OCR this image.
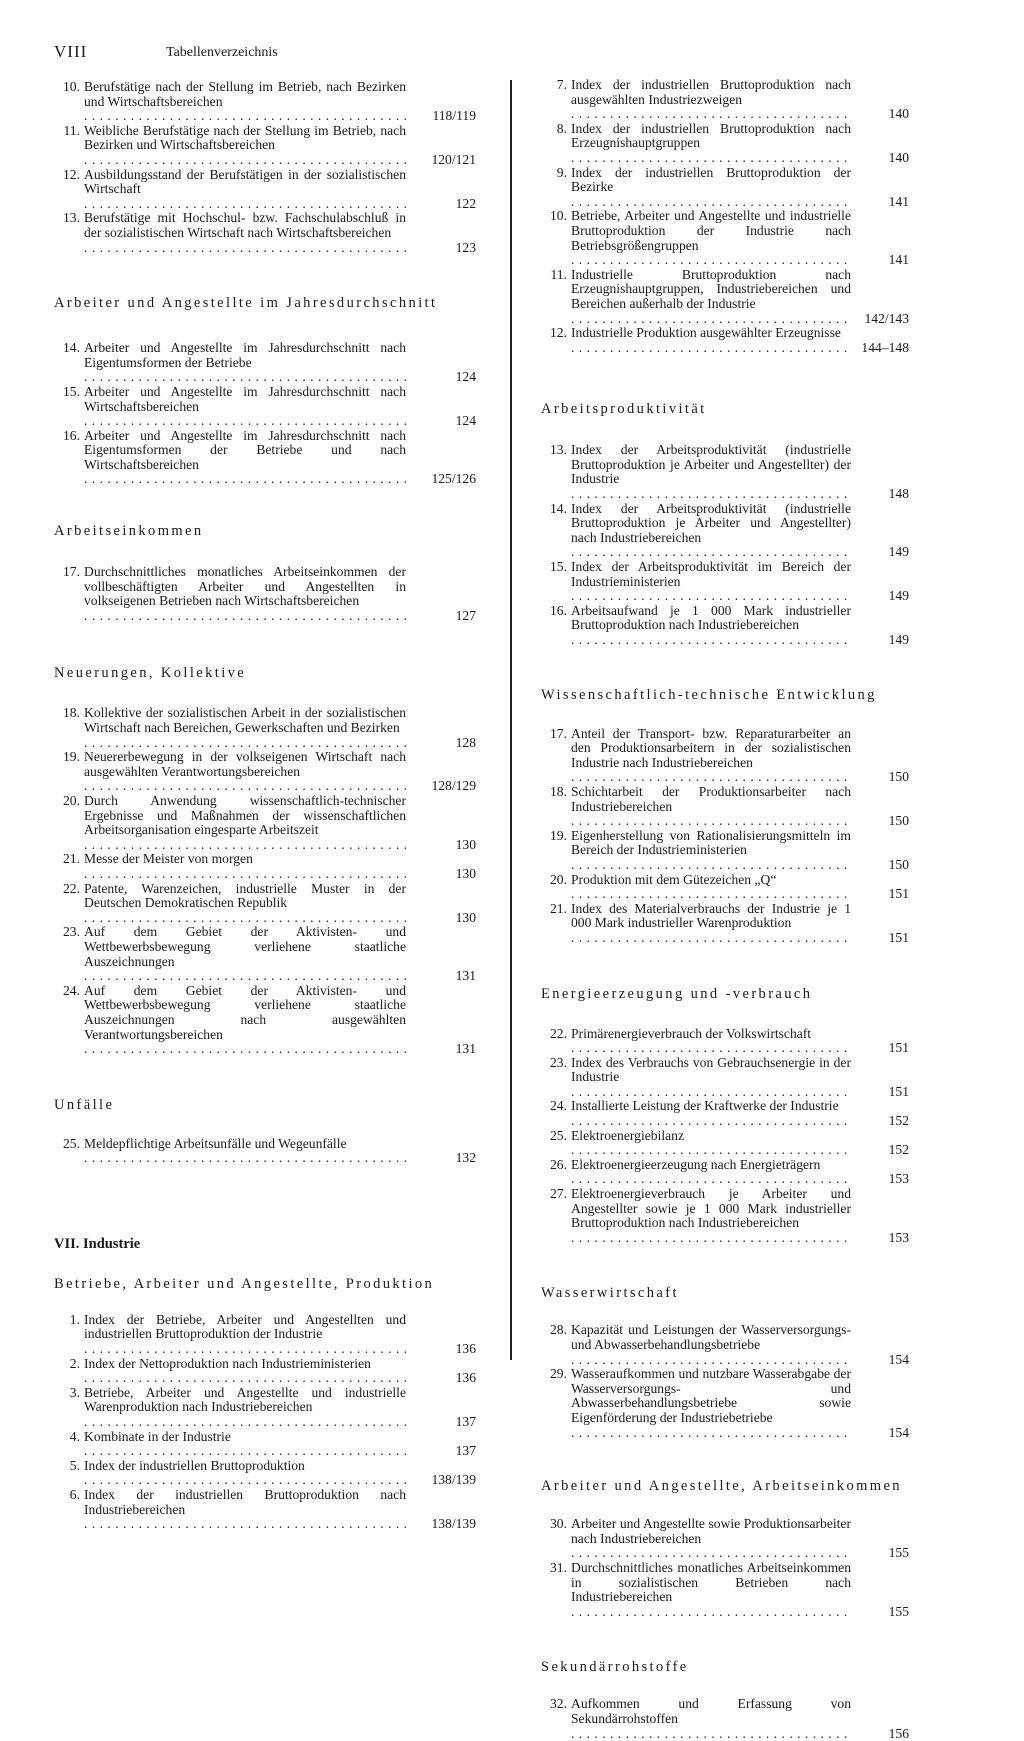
VIII	Tabellenverzeichnis
10. Berufstätige nach der Stellung im Betrieb, nach Bezirken und Wirtschaftsbereichen
. . .
118/119
11. Weibliche Berufstätige nach der Stellung im Betrieb, nach Bezirken und Wirtschaftsbereichen
. . .
120/121
12. Ausbildungsstand der Berufstätigen in der sozialistischen Wirtschaft
. . .
122
13. Berufstätige mit Hochschul- bzw. Fachschulabschluß in der sozialistischen Wirtschaft nach Wirtschaftsbereichen
. . .
123
Arbeiter und Angestellte im Jahresdurchschnitt
14. Arbeiter und Angestellte im Jahresdurchschnitt nach Eigentumsformen der Betriebe
. . .
124
15. Arbeiter und Angestellte im Jahresdurchschnitt nach Wirtschaftsbereichen
. . .
124
16. Arbeiter und Angestellte im Jahresdurchschnitt nach Eigentumsformen der Betriebe und nach Wirtschaftsbereichen
. . .
125/126
Arbeitseinkommen
17. Durchschnittliches monatliches Arbeitseinkommen der vollbeschäftigten Arbeiter und Angestellten in volkseigenen Betrieben nach Wirtschaftsbereichen
. . .
127
Neuerungen, Kollektive
18. Kollektive der sozialistischen Arbeit in der sozialistischen Wirtschaft nach Bereichen, Gewerkschaften und Bezirken
. . .
128
19. Neuererbewegung in der volkseigenen Wirtschaft nach ausgewählten Verantwortungsbereichen
. . .
128/129
20. Durch Anwendung wissenschaftlich-technischer Ergebnisse und Maßnahmen der wissenschaftlichen Arbeitsorganisation eingesparte Arbeitszeit
. . .
130
21. Messe der Meister von morgen
. . .
130
22. Patente, Warenzeichen, industrielle Muster in der Deutschen Demokratischen Republik
. . .
130
23. Auf dem Gebiet der Aktivisten- und Wettbewerbsbewegung verliehene staatliche Auszeichnungen
. . .
131
24. Auf dem Gebiet der Aktivisten- und Wettbewerbsbewegung verliehene staatliche Auszeichnungen nach ausgewählten Verantwortungsbereichen
. . .
131
Unfälle
25. Meldepflichtige Arbeitsunfälle und Wegeunfälle
. . .
132
VII. Industrie
Betriebe, Arbeiter und Angestellte, Produktion
1. Index der Betriebe, Arbeiter und Angestellten und industriellen Bruttoproduktion der Industrie
. . .
136
2. Index der Nettoproduktion nach Industrieministerien
. . .
136
3. Betriebe, Arbeiter und Angestellte und industrielle Warenproduktion nach Industriebereichen
. . .
137
4. Kombinate in der Industrie
. . .
137
5. Index der industriellen Bruttoproduktion
. . .
138/139
6. Index der industriellen Bruttoproduktion nach Industriebereichen
. . .
138/139
7. Index der industriellen Bruttoproduktion nach ausgewählten Industriezweigen
. . .
140
8. Index der industriellen Bruttoproduktion nach Erzeugnishauptgruppen
. . .
140
9. Index der industriellen Bruttoproduktion der Bezirke
. . .
141
10. Betriebe, Arbeiter und Angestellte und industrielle Bruttoproduktion der Industrie nach Betriebsgrößengruppen
. . .
141
11. Industrielle Bruttoproduktion nach Erzeugnishauptgruppen, Industriebereichen und Bereichen außerhalb der Industrie
. . .
142/143
12. Industrielle Produktion ausgewählter Erzeugnisse
. . .
144–148
Arbeitsproduktivität
13. Index der Arbeitsproduktivität (industrielle Bruttoproduktion je Arbeiter und Angestellter) der Industrie
. . .
148
14. Index der Arbeitsproduktivität (industrielle Bruttoproduktion je Arbeiter und Angestellter) nach Industriebereichen
. . .
149
15. Index der Arbeitsproduktivität im Bereich der Industrieministerien
. . .
149
16. Arbeitsaufwand je 1 000 Mark industrieller Bruttoproduktion nach Industriebereichen
. . .
149
Wissenschaftlich-technische Entwicklung
17. Anteil der Transport- bzw. Reparaturarbeiter an den Produktionsarbeitern in der sozialistischen Industrie nach Industriebereichen
. . .
150
18. Schichtarbeit der Produktionsarbeiter nach Industriebereichen
. . .
150
19. Eigenherstellung von Rationalisierungsmitteln im Bereich der Industrieministerien
. . .
150
20. Produktion mit dem Gütezeichen „Q“
. . .
151
21. Index des Materialverbrauchs der Industrie je 1 000 Mark industrieller Warenproduktion
. . .
151
Energieerzeugung und -verbrauch
22. Primärenergieverbrauch der Volkswirtschaft
. . .
151
23. Index des Verbrauchs von Gebrauchsenergie in der Industrie
. . .
151
24. Installierte Leistung der Kraftwerke der Industrie
. . .
152
25. Elektroenergiebilanz
. . .
152
26. Elektroenergieerzeugung nach Energieträgern
. . .
153
27. Elektroenergieverbrauch je Arbeiter und Angestellter sowie je 1 000 Mark industrieller Bruttoproduktion nach Industriebereichen
. . .
153
Wasserwirtschaft
28. Kapazität und Leistungen der Wasserversorgungs- und Abwasserbehandlungsbetriebe
. . .
154
29. Wasseraufkommen und nutzbare Wasserabgabe der Wasserversorgungs- und Abwasserbehandlungsbetriebe sowie Eigenförderung der Industriebetriebe
. . .
154
Arbeiter und Angestellte, Arbeitseinkommen
30. Arbeiter und Angestellte sowie Produktionsarbeiter nach Industriebereichen
. . .
155
31. Durchschnittliches monatliches Arbeitseinkommen in sozialistischen Betrieben nach Industriebereichen
. . .
155
Sekundärrohstoffe
32. Aufkommen und Erfassung von Sekundärrohstoffen
. . .
156
